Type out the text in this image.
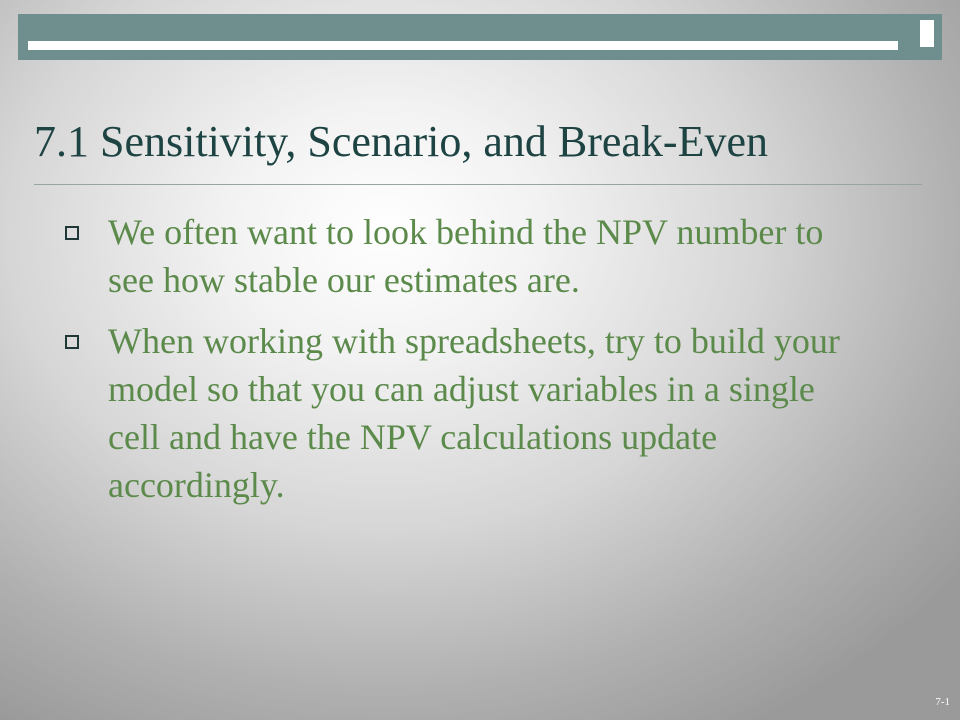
7.1 Sensitivity, Scenario, and Break-Even
We often want to look behind the NPV number to see how stable our estimates are.
When working with spreadsheets, try to build your model so that you can adjust variables in a single cell and have the NPV calculations update accordingly.
7-1
